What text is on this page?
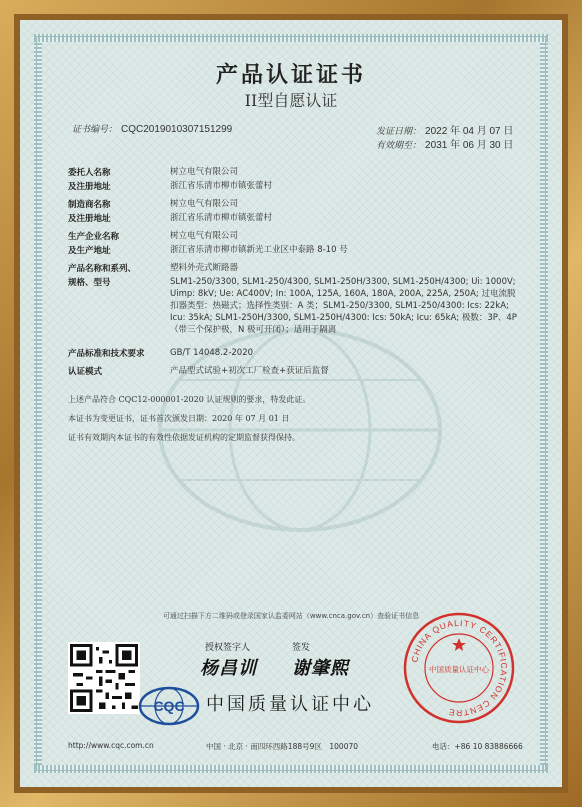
产品认证证书
II型自愿认证
证书编号： CQC2019010307151299	发证日期： 2022 年 04 月 07 日
有效期至： 2031 年 06 月 30 日
委托人名称	树立电气有限公司
及注册地址	浙江省乐清市柳市镇张蕾村
制造商名称	树立电气有限公司
及注册地址	浙江省乐清市柳市镇张蕾村
生产企业名称	树立电气有限公司
及生产地址	浙江省乐清市柳市镇新光工业区中泰路 8-10 号
产品名称和系列、	塑料外壳式断路器
规格、型号	SLM1-250/3300, SLM1-250/4300, SLM1-250H/3300, SLM1-250H/4300; Ui: 1000V; Uimp: 8kV; Ue: AC400V; In: 100A, 125A, 160A, 180A, 200A, 225A, 250A; 过电流脱扣器类型：热磁式；选择性类别：A 类；SLM1-250/3300, SLM1-250/4300: Ics: 22kA; Icu: 35kA; SLM1-250H/3300, SLM1-250H/4300: Ics: 50kA; Icu: 65kA; 极数：3P、4P（带三个保护极，N 极可开闭）；适用于隔离
产品标准和技术要求	GB/T 14048.2-2020
认证模式	产品型式试验+初次工厂检查+获证后监督
上述产品符合 CQC12-000001-2020 认证规则的要求，特发此证。
本证书为变更证书，证书首次颁发日期：2020 年 07 月 01 日
证书有效期内本证书的有效性依据发证机构的定期监督获得保持。
可通过扫描下方二维码或登录国家认监委网站（www.cnca.gov.cn）查验证书信息
授权签字人
杨昌训
签发
谢肇熙
CQC 中国质量认证中心
CHINA QUALITY CERTIFICATION CENTRE
中国质量认证中心
http://www.cqc.com.cn	中国 · 北京 · 南四环西路188号9区　100070	电话：+86 10 83886666
